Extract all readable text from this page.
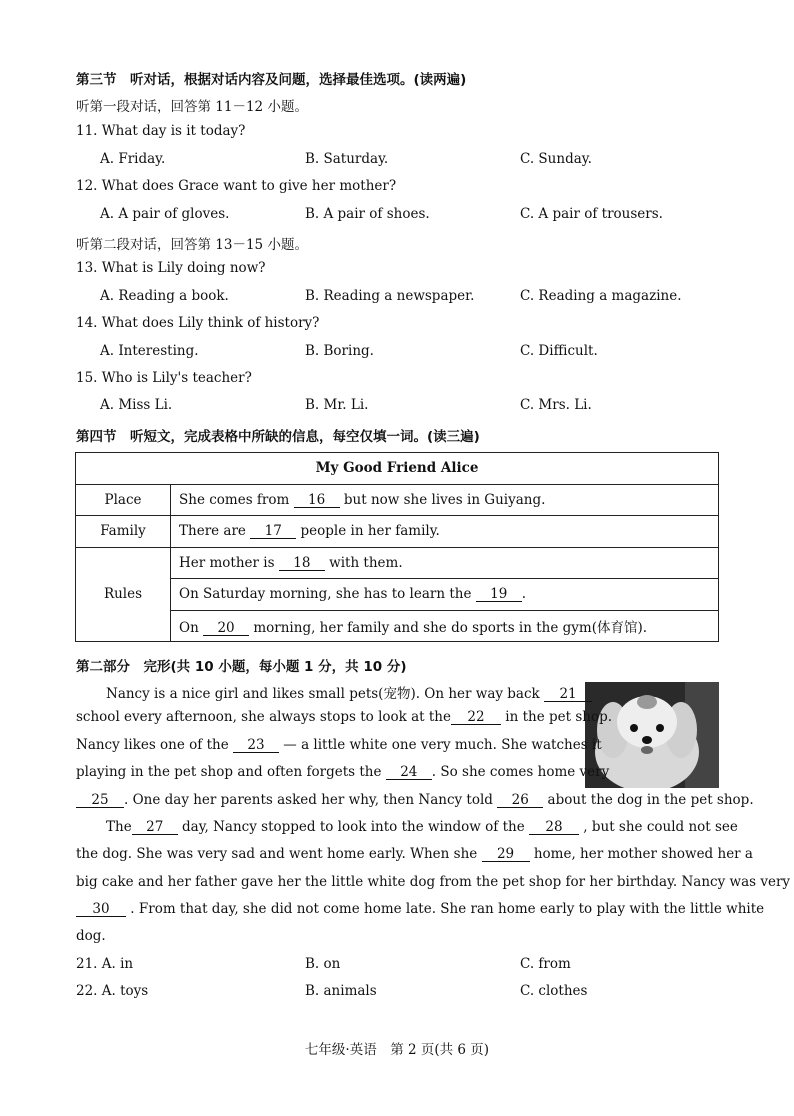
第三节　听对话，根据对话内容及问题，选择最佳选项。(读两遍)
听第一段对话，回答第 11－12 小题。
11. What day is it today?
A. Friday.	B. Saturday.	C. Sunday.
12. What does Grace want to give her mother?
A. A pair of gloves.	B. A pair of shoes.	C. A pair of trousers.
听第二段对话，回答第 13－15 小题。
13. What is Lily doing now?
A. Reading a book.	B. Reading a newspaper.	C. Reading a magazine.
14. What does Lily think of history?
A. Interesting.	B. Boring.	C. Difficult.
15. Who is Lily's teacher?
A. Miss Li.	B. Mr. Li.	C. Mrs. Li.
第四节　听短文，完成表格中所缺的信息，每空仅填一词。(读三遍)
My Good Friend Alice	
Place	She comes from 16 but now she lives in Guiyang.
Family	There are 17 people in her family.
Rules	Her mother is 18 with them.
	On Saturday morning, she has to learn the 19 .
	On 20 morning, her family and she do sports in the gym(体育馆).
第二部分　完形(共 10 小题，每小题 1 分，共 10 分)
Nancy is a nice girl and likes small pets(宠物). On her way back 21
school every afternoon, she always stops to look at the 22 in the pet shop.
Nancy likes one of the 23 — a little white one very much. She watches it
playing in the pet shop and often forgets the 24 . So she comes home very
25 . One day her parents asked her why, then Nancy told 26 about the dog in the pet shop.
The 27 day, Nancy stopped to look into the window of the 28 , but she could not see
the dog. She was very sad and went home early. When she 29 home, her mother showed her a
big cake and her father gave her the little white dog from the pet shop for her birthday. Nancy was very
30 . From that day, she did not come home late. She ran home early to play with the little white
dog.
21. A. in	B. on	C. from
22. A. toys	B. animals	C. clothes
七年级·英语　第 2 页(共 6 页)
